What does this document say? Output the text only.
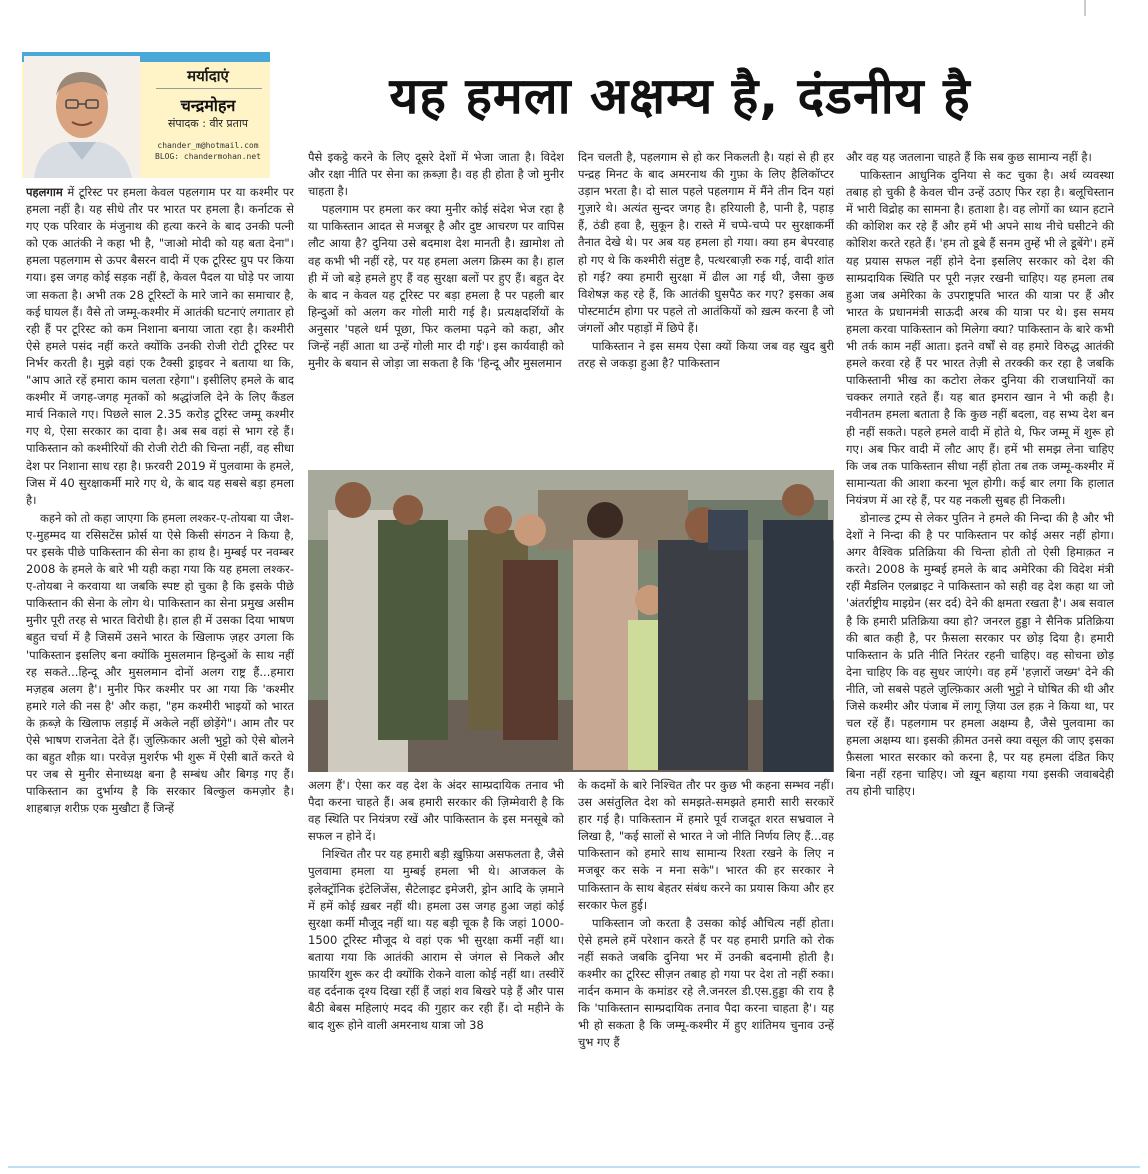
मर्यादाएं
चन्द्रमोहन
संपादक : वीर प्रताप
chander_m@hotmail.com
BLOG: chandermohan.net
यह हमला अक्षम्य है, दंडनीय है

पहलगाम में टूरिस्ट पर हमला केवल पहलगाम पर या कश्मीर पर हमला नहीं है। यह सीधे तौर पर भारत पर हमला है। कर्नाटक से गए एक परिवार के मंजुनाथ की हत्या करने के बाद उनकी पत्नी को एक आतंकी ने कहा भी है, "जाओ मोदी को यह बता देना"। हमला पहलगाम से ऊपर बैसरन वादी में एक टूरिस्ट ग्रुप पर किया गया। इस जगह कोई सड़क नहीं है, केवल पैदल या घोड़े पर जाया जा सकता है। अभी तक 28 टूरिस्टों के मारे जाने का समाचार है, कई घायल हैं। वैसे तो जम्मू-कश्मीर में आतंकी घटनाएं लगातार हो रही हैं पर टूरिस्ट को कम निशाना बनाया जाता रहा है। कश्मीरी ऐसे हमले पसंद नहीं करते क्योंकि उनकी रोजी रोटी टूरिस्ट पर निर्भर करती है। मुझे वहां एक टैक्सी ड्राइवर ने बताया था कि, "आप आते रहें हमारा काम चलता रहेगा"। इसीलिए हमले के बाद कश्मीर में जगह-जगह मृतकों को श्रद्धांजलि देने के लिए कैंडल मार्च निकाले गए। पिछले साल 2.35 करोड़ टूरिस्ट जम्मू कश्मीर गए थे, ऐसा सरकार का दावा है। अब सब वहां से भाग रहे हैं। पाकिस्तान को कश्मीरियों की रोजी रोटी की चिन्ता नहीं, वह सीधा देश पर निशाना साध रहा है। फ़रवरी 2019 में पुलवामा के हमले, जिस में 40 सुरक्षाकर्मी मारे गए थे, के बाद यह सबसे बड़ा हमला है।

कहने को तो कहा जाएगा कि हमला लश्कर-ए-तोयबा या जैश-ए-मुहम्मद या रसिसटेंस फ्रोर्स या ऐसे किसी संगठन ने किया है, पर इसके पीछे पाकिस्तान की सेना का हाथ है। मुम्बई पर नवम्बर 2008 के हमले के बारे भी यही कहा गया कि यह हमला लश्कर-ए-तोयबा ने करवाया था जबकि स्पष्ट हो चुका है कि इसके पीछे पाकिस्तान की सेना के लोग थे। पाकिस्तान का सेना प्रमुख असीम मुनीर पूरी तरह से भारत विरोधी है। हाल ही में उसका दिया भाषण बहुत चर्चा में है जिसमें उसने भारत के खिलाफ ज़हर उगला कि 'पाकिस्तान इसलिए बना क्योंकि मुसलमान हिन्दुओं के साथ नहीं रह सकते...हिन्दू और मुसलमान दोनों अलग राष्ट्र हैं...हमारा मज़हब अलग है'। मुनीर फिर कश्मीर पर आ गया कि 'कश्मीर हमारे गले की नस है' और कहा, "हम कश्मीरी भाइयों को भारत के क़ब्ज़े के खिलाफ लड़ाई में अकेले नहीं छोड़ेंगे"। आम तौर पर ऐसे भाषण राजनेता देते हैं। ज़ुल्फ़िकार अली भुट्टो को ऐसे बोलने का बहुत शौक़ था। परवेज़ मुशर्रफ भी शुरू में ऐसी बातें करते थे पर जब से मुनीर सेनाध्यक्ष बना है सम्बंध और बिगड़ गए हैं। पाकिस्तान का दुर्भाग्य है कि सरकार बिल्कुल कमज़ोर है। शाहबाज़ शरीफ़ एक मुखौटा हैं जिन्हें

पैसे इकट्ठे करने के लिए दूसरे देशों में भेजा जाता है। विदेश और रक्षा नीति पर सेना का क़ब्ज़ा है। वह ही होता है जो मुनीर चाहता है।

पहलगाम पर हमला कर क्या मुनीर कोई संदेश भेज रहा है या पाकिस्तान आदत से मजबूर है और दुष्ट आचरण पर वापिस लौट आया है? दुनिया उसे बदमाश देश मानती है। ख़ामोश तो वह कभी भी नहीं रहे, पर यह हमला अलग क्रिस्म का है। हाल ही में जो बड़े हमले हुए हैं वह सुरक्षा बलों पर हुए हैं। बहुत देर के बाद न केवल यह टूरिस्ट पर बड़ा हमला है पर पहली बार हिन्दुओं को अलग कर गोली मारी गई है। प्रत्यक्षदर्शियों के अनुसार 'पहले धर्म पूछा, फिर कलमा पढ़ने को कहा, और जिन्हें नहीं आता था उन्हें गोली मार दी गई'। इस कार्यवाही को मुनीर के बयान से जोड़ा जा सकता है कि 'हिन्दू और मुसलमान

दिन चलती है, पहलगाम से हो कर निकलती है। यहां से ही हर पन्द्रह मिनट के बाद अमरनाथ की गुफ़ा के लिए हैलिकॉप्टर उड़ान भरता है। दो साल पहले पहलगाम में मैंने तीन दिन यहां गुज़ारे थे। अत्यंत सुन्दर जगह है। हरियाली है, पानी है, पहाड़ हैं, ठंडी हवा है, सुकून है। रास्ते में चप्पे-चप्पे पर सुरक्षाकर्मी तैनात देखे थे। पर अब यह हमला हो गया। क्या हम बेपरवाह हो गए थे कि कश्मीरी संतुष्ट है, पत्थरबाज़ी रुक गई, वादी शांत हो गई? क्या हमारी सुरक्षा में ढील आ गई थी, जैसा कुछ विशेषज्ञ कह रहे हैं, कि आतंकी घुसपैठ कर गए? इसका अब पोस्टमार्टम होगा पर पहले तो आतंकियों को ख़त्म करना है जो जंगलों और पहाड़ों में छिपे हैं।

पाकिस्तान ने इस समय ऐसा क्यों किया जब वह खुद बुरी तरह से जकड़ा हुआ है? पाकिस्तान

अलग हैं'। ऐसा कर वह देश के अंदर साम्प्रदायिक तनाव भी पैदा करना चाहते हैं। अब हमारी सरकार की ज़िम्मेवारी है कि वह स्थिति पर नियंत्रण रखें और पाकिस्तान के इस मनसूबे को सफल न होने दें।

निश्चित तौर पर यह हमारी बड़ी ख़ुफ़िया असफलता है, जैसे पुलवामा हमला या मुम्बई हमला भी थे। आजकल के इलेक्ट्रॉनिक इंटेलिजेंस, सैटेलाइट इमेजरी, ड्रोन आदि के ज़माने में हमें कोई ख़बर नहीं थी। हमला उस जगह हुआ जहां कोई सुरक्षा कर्मी मौजूद नहीं था। यह बड़ी चूक है कि जहां 1000-1500 टूरिस्ट मौजूद थे वहां एक भी सुरक्षा कर्मी नहीं था। बताया गया कि आतंकी आराम से जंगल से निकले और फ़ायरिंग शुरू कर दी क्योंकि रोकने वाला कोई नहीं था। तस्वीरें वह दर्दनाक दृश्य दिखा रहीं हैं जहां शव बिखरे पड़े हैं और पास बैठी बेबस महिलाएं मदद की गुहार कर रही हैं। दो महीने के बाद शुरू होने वाली अमरनाथ यात्रा जो 38

के कदमों के बारे निश्चित तौर पर कुछ भी कहना सम्भव नहीं। उस असंतुलित देश को समझते-समझते हमारी सारी सरकारें हार गई है। पाकिस्तान में हमारे पूर्व राजदूत शरत सभ्रवाल ने लिखा है, "कई सालों से भारत ने जो नीति निर्णय लिए हैं...वह पाकिस्तान को हमारे साथ सामान्य रिश्ता रखने के लिए न मजबूर कर सके न मना सके"। भारत की हर सरकार ने पाकिस्तान के साथ बेहतर संबंध करने का प्रयास किया और हर सरकार फेल हुई।

पाकिस्तान जो करता है उसका कोई औचित्य नहीं होता। ऐसे हमले हमें परेशान करते हैं पर यह हमारी प्रगति को रोक नहीं सकते जबकि दुनिया भर में उनकी बदनामी होती है। कश्मीर का टूरिस्ट सीज़न तबाह हो गया पर देश तो नहीं रुका। नार्दन कमान के कमांडर रहे लै.जनरल डी.एस.हुड्डा की राय है कि 'पाकिस्तान साम्प्रदायिक तनाव पैदा करना चाहता है'। यह भी हो सकता है कि जम्मू-कश्मीर में हुए शांतिमय चुनाव उन्हें चुभ गए हैं

और वह यह जतलाना चाहते हैं कि सब कुछ सामान्य नहीं है।

पाकिस्तान आधुनिक दुनिया से कट चुका है। अर्थ व्यवस्था तबाह हो चुकी है केवल चीन उन्हें उठाए फिर रहा है। बलूचिस्तान में भारी विद्रोह का सामना है। हताशा है। वह लोगों का ध्यान हटाने की कोशिश कर रहे हैं और हमें भी अपने साथ नीचे घसीटने की कोशिश करते रहते हैं। 'हम तो डूबे हैं सनम तुम्हें भी ले डूबेंगे'। हमें यह प्रयास सफल नहीं होने देना इसलिए सरकार को देश की साम्प्रदायिक स्थिति पर पूरी नज़र रखनी चाहिए। यह हमला तब हुआ जब अमेरिका के उपराष्ट्रपति भारत की यात्रा पर हैं और भारत के प्रधानमंत्री साऊदी अरब की यात्रा पर थे। इस समय हमला करवा पाकिस्तान को मिलेगा क्या? पाकिस्तान के बारे कभी भी तर्क काम नहीं आता। इतने वर्षों से वह हमारे विरुद्ध आतंकी हमले करवा रहे हैं पर भारत तेज़ी से तरक्की कर रहा है जबकि पाकिस्तानी भीख का कटोरा लेकर दुनिया की राजधानियों का चक्कर लगाते रहते हैं। यह बात इमरान खान ने भी कही है। नवीनतम हमला बताता है कि कुछ नहीं बदला, वह सभ्य देश बन ही नहीं सकते। पहले हमले वादी में होते थे, फिर जम्मू में शुरू हो गए। अब फिर वादी में लौट आए हैं। हमें भी समझ लेना चाहिए कि जब तक पाकिस्तान सीधा नहीं होता तब तक जम्मू-कश्मीर में सामान्यता की आशा करना भूल होगी। कई बार लगा कि हालात नियंत्रण में आ रहे हैं, पर यह नकली सुबह ही निकली।

डोनाल्ड ट्रम्प से लेकर पुतिन ने हमले की निन्दा की है और भी देशों ने निन्दा की है पर पाकिस्तान पर कोई असर नहीं होगा। अगर वैश्विक प्रतिक्रिया की चिन्ता होती तो ऐसी हिमाक़त न करते। 2008 के मुम्बई हमले के बाद अमेरिका की विदेश मंत्री रहीं मैडलिन एलब्राइट ने पाकिस्तान को सही वह देश कहा था जो 'अंतर्राष्ट्रीय माइग्रेन (सर दर्द) देने की क्षमता रखता है'। अब सवाल है कि हमारी प्रतिक्रिया क्या हो? जनरल हुड्डा ने सैनिक प्रतिक्रिया की बात कही है, पर फ़ैसला सरकार पर छोड़ दिया है। हमारी पाकिस्तान के प्रति नीति निरंतर रहनी चाहिए। वह सोचना छोड़ देना चाहिए कि वह सुधर जाएंगे। वह हमें 'हज़ारों जख्म' देने की नीति, जो सबसे पहले ज़ुल्फ़िकार अली भुट्टो ने घोषित की थी और जिसे कश्मीर और पंजाब में लागू ज़िया उल हक़ ने किया था, पर चल रहें हैं। पहलगाम पर हमला अक्षम्य है, जैसे पुलवामा का हमला अक्षम्य था। इसकी क़ीमत उनसे क्या वसूल की जाए इसका फ़ैसला भारत सरकार को करना है, पर यह हमला दंडित किए बिना नहीं रहना चाहिए। जो ख़ून बहाया गया इसकी जवाबदेही तय होनी चाहिए।
